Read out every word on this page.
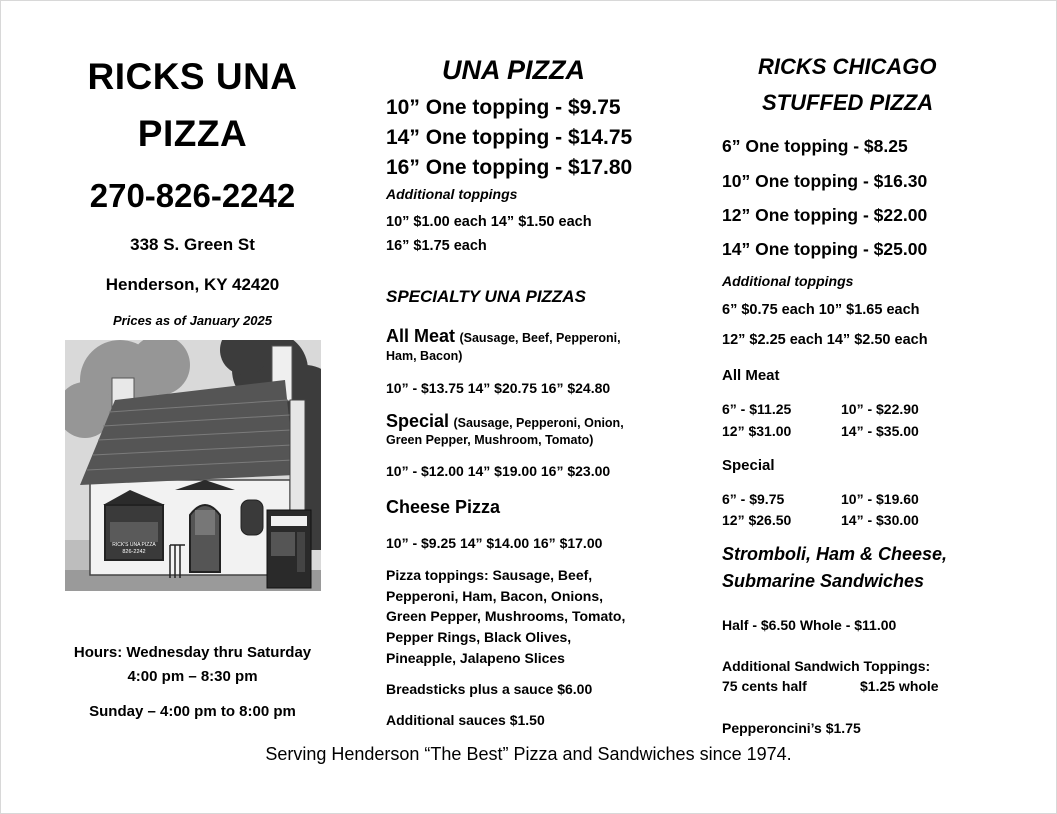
RICKS UNA
PIZZA
270-826-2242
338 S. Green St
Henderson, KY 42420
Prices as of January 2025
RICK'S UNA PIZZA
826-2242
Hours: Wednesday thru Saturday
4:00 pm – 8:30 pm
Sunday – 4:00 pm to 8:00 pm
UNA PIZZA
10” One topping - $9.75
14” One topping - $14.75
16” One topping - $17.80
Additional toppings
10” $1.00 each 14” $1.50 each
16” $1.75 each
SPECIALTY UNA PIZZAS
All Meat (Sausage, Beef, Pepperoni,
Ham, Bacon)
10” - $13.75 14” $20.75 16” $24.80
Special (Sausage, Pepperoni, Onion,
Green Pepper, Mushroom, Tomato)
10” - $12.00 14” $19.00 16” $23.00
Cheese Pizza
10” - $9.25 14” $14.00 16” $17.00
Pizza toppings: Sausage, Beef,
Pepperoni, Ham, Bacon, Onions,
Green Pepper, Mushrooms, Tomato,
Pepper Rings, Black Olives,
Pineapple, Jalapeno Slices
Breadsticks plus a sauce $6.00
Additional sauces $1.50
RICKS CHICAGO
STUFFED PIZZA
6” One topping - $8.25
10” One topping - $16.30
12” One topping - $22.00
14” One topping - $25.00
Additional toppings
6” $0.75 each 10” $1.65 each
12” $2.25 each 14” $2.50 each
All Meat
6” - $11.25	10” - $22.90
12” $31.00	14” - $35.00
Special
6” - $9.75	10” - $19.60
12” $26.50	14” - $30.00
Stromboli, Ham & Cheese,
Submarine Sandwiches
Half - $6.50 Whole - $11.00
Additional Sandwich Toppings:
75 cents half	$1.25 whole
Pepperoncini’s $1.75
Serving Henderson “The Best” Pizza and Sandwiches since 1974.
